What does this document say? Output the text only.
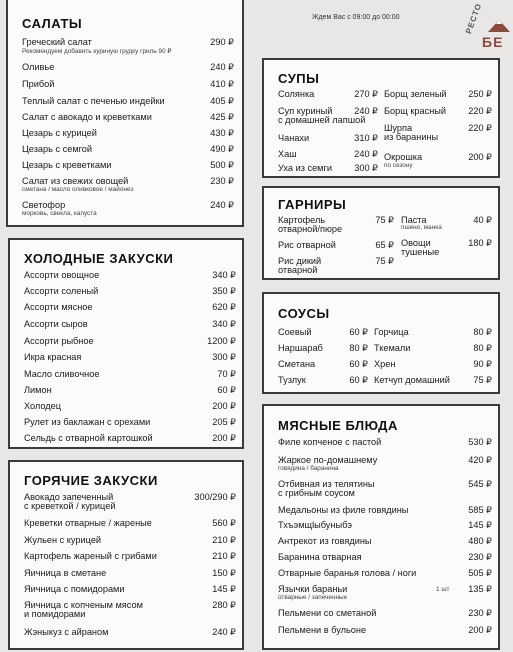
Ждем Вас с 09:00 до 00:00	РЕСТО
БЕ
САЛАТЫ
Греческий салат	290 ₽
Рекомендуем добавить куриную грудку гриль 90 ₽
Оливье	240 ₽
Прибой	410 ₽
Теплый салат с печенью индейки	405 ₽
Салат с авокадо и креветками	425 ₽
Цезарь с курицей	430 ₽
Цезарь с семгой	490 ₽
Цезарь с креветками	500 ₽
Салат из свежих овощей	230 ₽
сметана / масло оливковое / майонез
Светофор	240 ₽
морковь, свекла, капуста
ХОЛОДНЫЕ ЗАКУСКИ
Ассорти овощное	340 ₽
Ассорти соленый	350 ₽
Ассорти мясное	620 ₽
Ассорти сыров	340 ₽
Ассорти рыбное	1200 ₽
Икра красная	300 ₽
Масло сливочное	70 ₽
Лимон	60 ₽
Холодец	200 ₽
Рулет из баклажан с орехами	205 ₽
Сельдь с отварной картошкой	200 ₽
ГОРЯЧИЕ ЗАКУСКИ
Авокадо запеченный
с креветкой / курицей
300/290 ₽
Креветки отварные / жареные	560 ₽
Жульен с курицей	210 ₽
Картофель жареный с грибами	210 ₽
Яичница в сметане	150 ₽
Яичница с помидорами	145 ₽
Яичница с копченым мясом
и помидорами
280 ₽
Жэныкуз с айраном	240 ₽
СУПЫ
Солянка	270 ₽
Суп куриный
с домашней лапшой
240 ₽
Чанахи	310 ₽
Хаш	240 ₽
Уха из семги	300 ₽
Борщ зеленый 250 ₽
Борщ красный 220 ₽
Шурпа
из баранины
220 ₽
Окрошка
по сезону
200 ₽
ГАРНИРЫ
Картофель
отварной/пюре
75 ₽
Рис отварной	65 ₽
Рис дикий
отварной
75 ₽
Паста
пшено, манка
40 ₽
Овощи
тушеные
180 ₽
СОУСЫ
Соевый	60 ₽
Наршараб	80 ₽
Сметана	60 ₽
Тузлук	60 ₽
Горчица	80 ₽
Ткемали	80 ₽
Хрен	90 ₽
Кетчуп домашний	75 ₽
МЯСНЫЕ БЛЮДА
Филе копченое с пастой	530 ₽
Жаркое по-домашнему
говядина / баранина
420 ₽
Отбивная из телятины
с грибным соусом
545 ₽
Медальоны из филе говядины	585 ₽
Тхъэмщlыбуныбэ	145 ₽
Антрекот из говядины	480 ₽
Баранина отварная	230 ₽
Отварные баранья голова / ноги	505 ₽
Язычки бараньи
отварные / запеченные
1 шт 135 ₽
Пельмени со сметаной	230 ₽
Пельмени в бульоне	200 ₽
